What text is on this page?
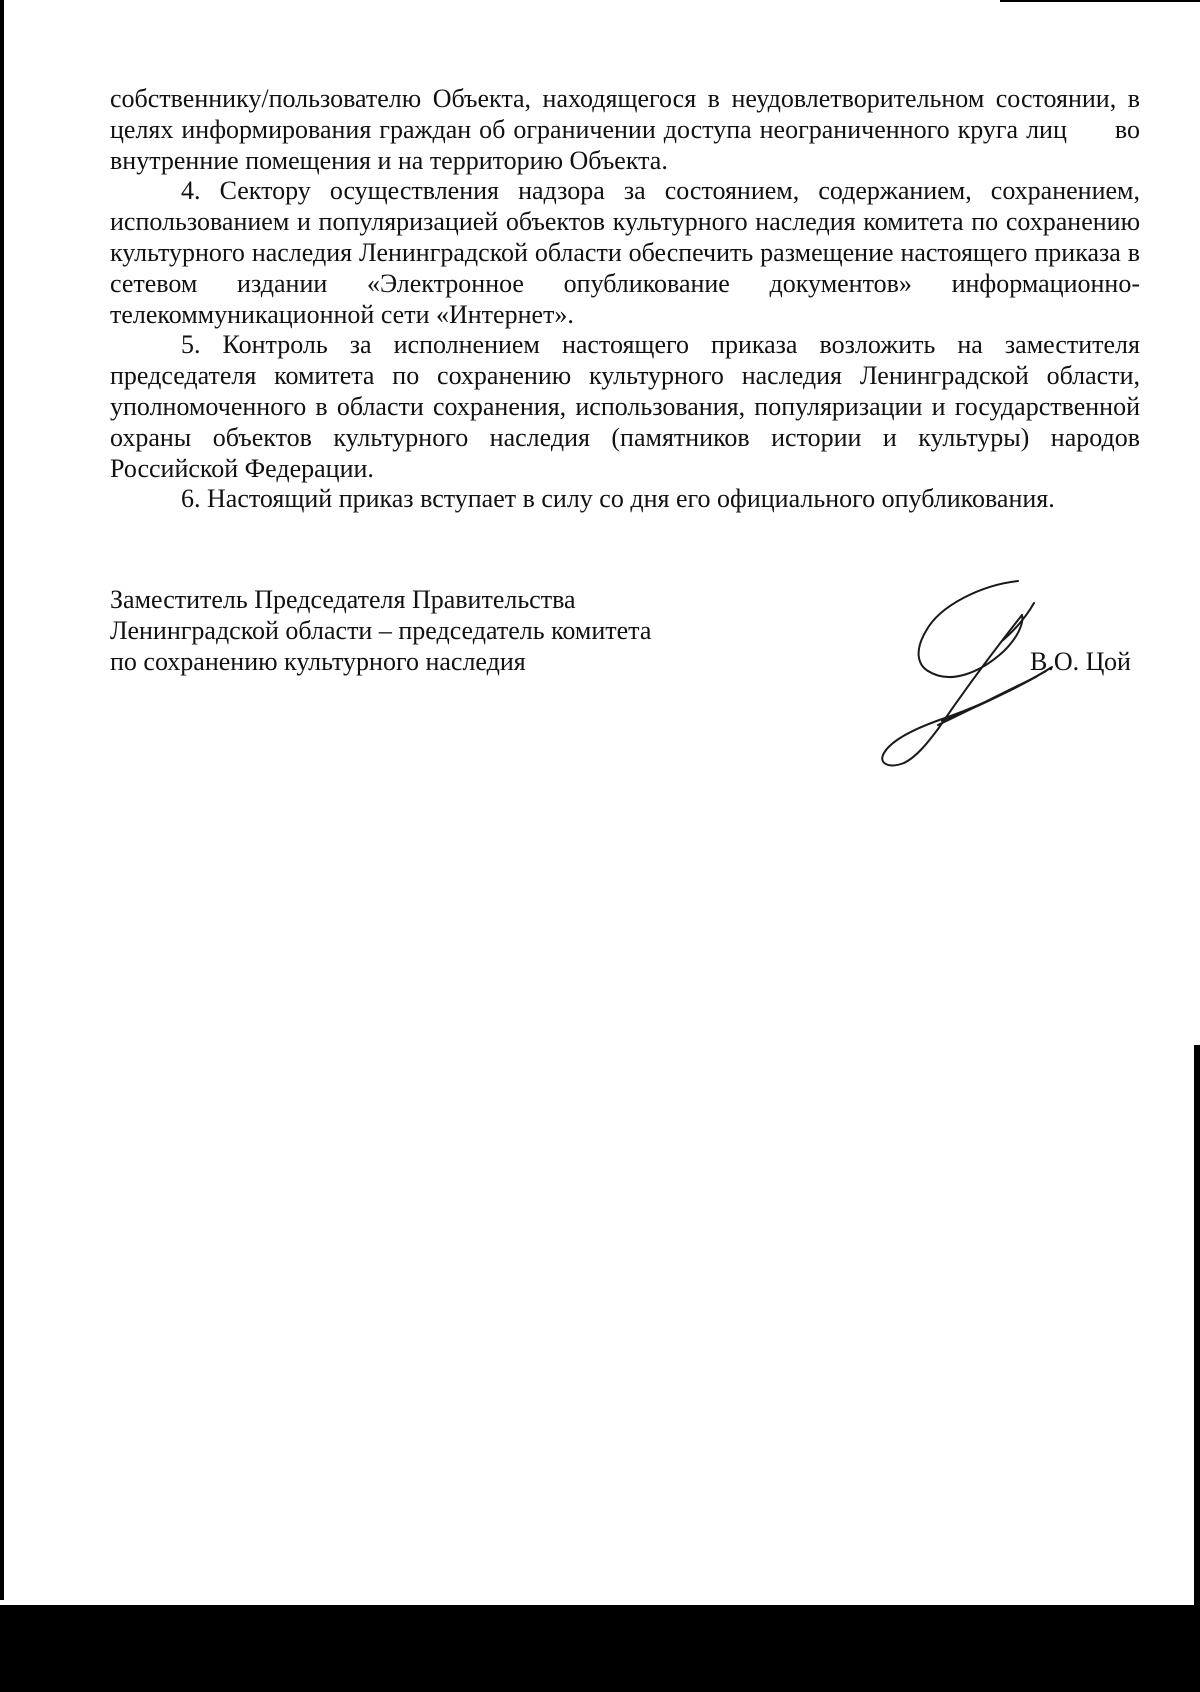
собственнику/пользователю Объекта, находящегося в неудовлетворительном состоянии, в целях информирования граждан об ограничении доступа неограниченного круга лиц во внутренние помещения и на территорию Объекта.

4. Сектору осуществления надзора за состоянием, содержанием, сохранением, использованием и популяризацией объектов культурного наследия комитета по сохранению культурного наследия Ленинградской области обеспечить размещение настоящего приказа в сетевом издании «Электронное опубликование документов» информационно-телекоммуникационной сети «Интернет».

5. Контроль за исполнением настоящего приказа возложить на заместителя председателя комитета по сохранению культурного наследия Ленинградской области, уполномоченного в области сохранения, использования, популяризации и государственной охраны объектов культурного наследия (памятников истории и культуры) народов Российской Федерации.

6. Настоящий приказ вступает в силу со дня его официального опубликования.

Заместитель Председателя Правительства
Ленинградской области – председатель комитета
по сохранению культурного наследия	В.О. Цой
